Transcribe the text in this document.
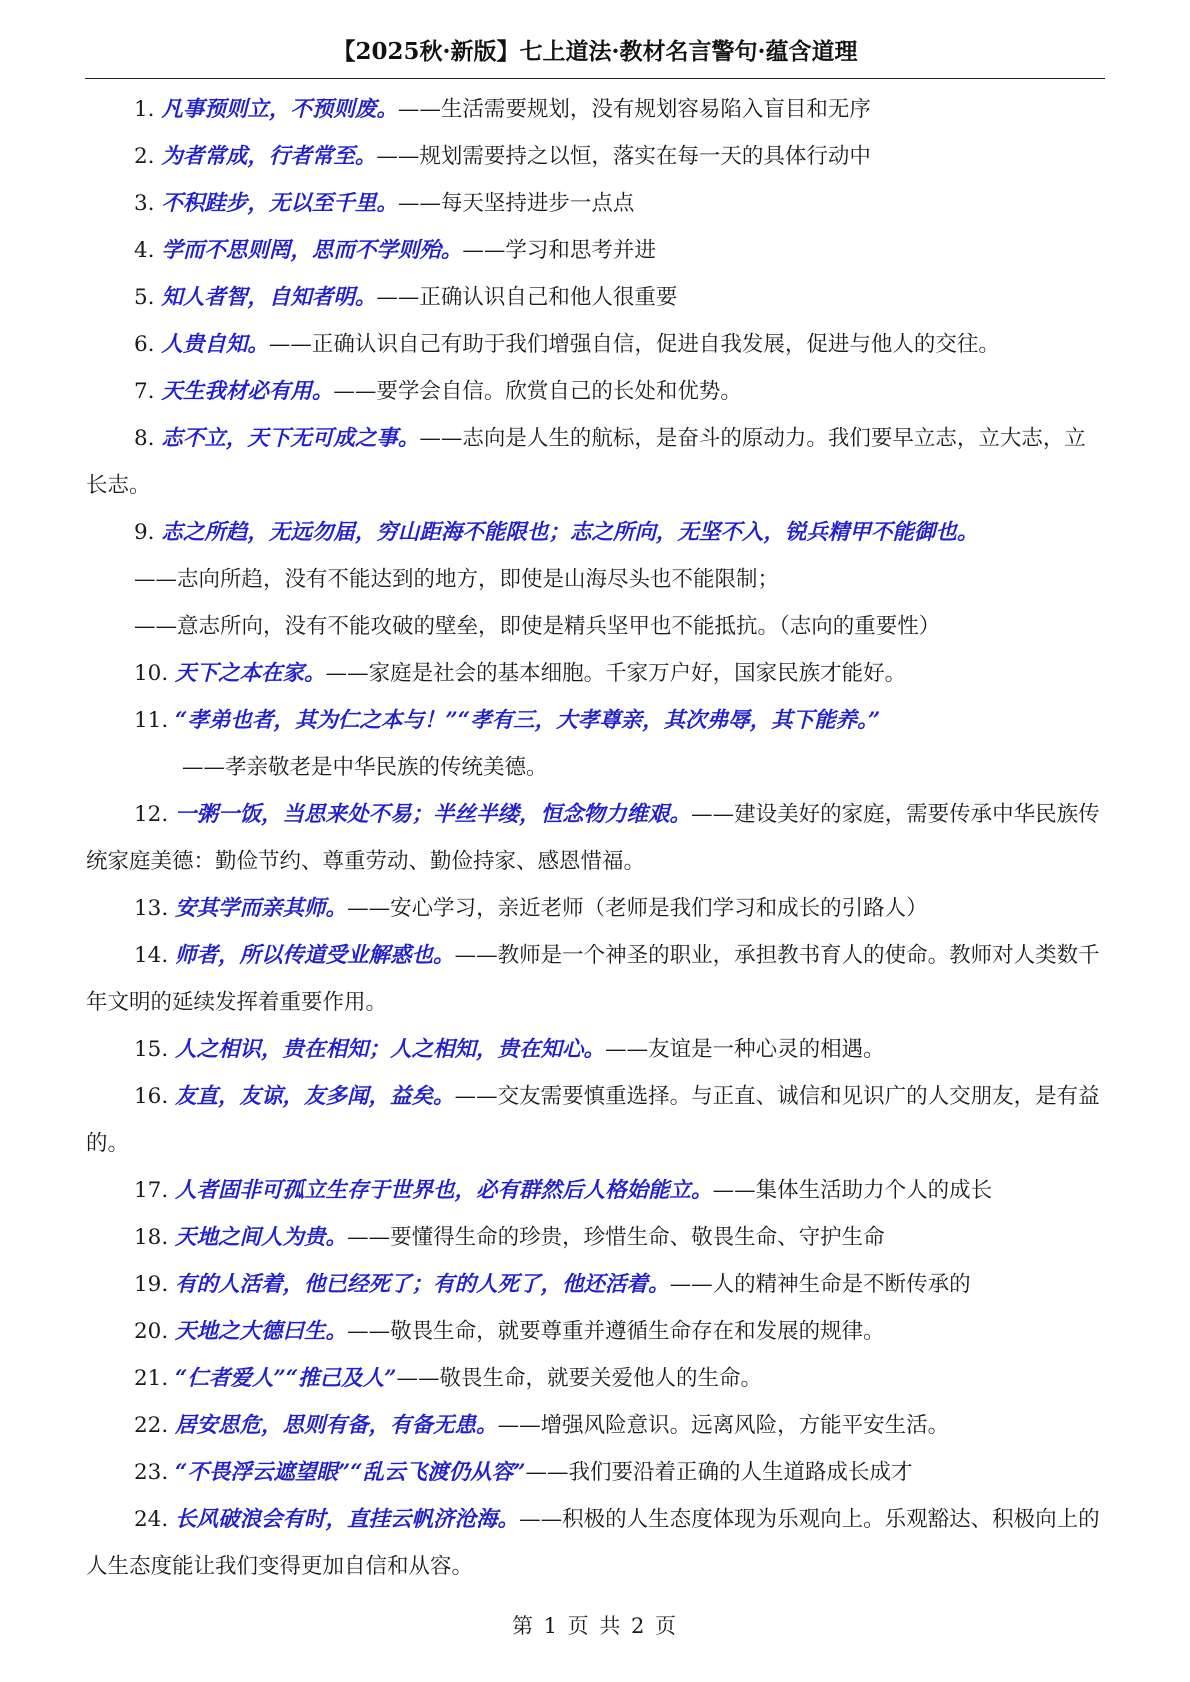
【2025秋·新版】七上道法·教材名言警句·蕴含道理
1. 凡事预则立，不预则废。——生活需要规划，没有规划容易陷入盲目和无序
2. 为者常成，行者常至。——规划需要持之以恒，落实在每一天的具体行动中
3. 不积跬步，无以至千里。——每天坚持进步一点点
4. 学而不思则罔，思而不学则殆。——学习和思考并进
5. 知人者智，自知者明。——正确认识自己和他人很重要
6. 人贵自知。——正确认识自己有助于我们增强自信，促进自我发展，促进与他人的交往。
7. 天生我材必有用。——要学会自信。欣赏自己的长处和优势。
8. 志不立，天下无可成之事。——志向是人生的航标，是奋斗的原动力。我们要早立志，立大志，立长志。
9. 志之所趋，无远勿届，穷山距海不能限也；志之所向，无坚不入，锐兵精甲不能御也。
——志向所趋，没有不能达到的地方，即使是山海尽头也不能限制；
——意志所向，没有不能攻破的壁垒，即使是精兵坚甲也不能抵抗。（志向的重要性）
10. 天下之本在家。——家庭是社会的基本细胞。千家万户好，国家民族才能好。
11. “孝弟也者，其为仁之本与！”“孝有三，大孝尊亲，其次弗辱，其下能养。”
——孝亲敬老是中华民族的传统美德。
12. 一粥一饭，当思来处不易；半丝半缕，恒念物力维艰。——建设美好的家庭，需要传承中华民族传统家庭美德：勤俭节约、尊重劳动、勤俭持家、感恩惜福。
13. 安其学而亲其师。——安心学习，亲近老师（老师是我们学习和成长的引路人）
14. 师者，所以传道受业解惑也。——教师是一个神圣的职业，承担教书育人的使命。教师对人类数千年文明的延续发挥着重要作用。
15. 人之相识，贵在相知；人之相知，贵在知心。——友谊是一种心灵的相遇。
16. 友直，友谅，友多闻，益矣。——交友需要慎重选择。与正直、诚信和见识广的人交朋友，是有益的。
17. 人者固非可孤立生存于世界也，必有群然后人格始能立。——集体生活助力个人的成长
18. 天地之间人为贵。——要懂得生命的珍贵，珍惜生命、敬畏生命、守护生命
19. 有的人活着，他已经死了；有的人死了，他还活着。——人的精神生命是不断传承的
20. 天地之大德曰生。——敬畏生命，就要尊重并遵循生命存在和发展的规律。
21. “仁者爱人”“推己及人”——敬畏生命，就要关爱他人的生命。
22. 居安思危，思则有备，有备无患。——增强风险意识。远离风险，方能平安生活。
23. “不畏浮云遮望眼”“乱云飞渡仍从容”——我们要沿着正确的人生道路成长成才
24. 长风破浪会有时，直挂云帆济沧海。——积极的人生态度体现为乐观向上。乐观豁达、积极向上的人生态度能让我们变得更加自信和从容。
第 1 页 共 2 页
